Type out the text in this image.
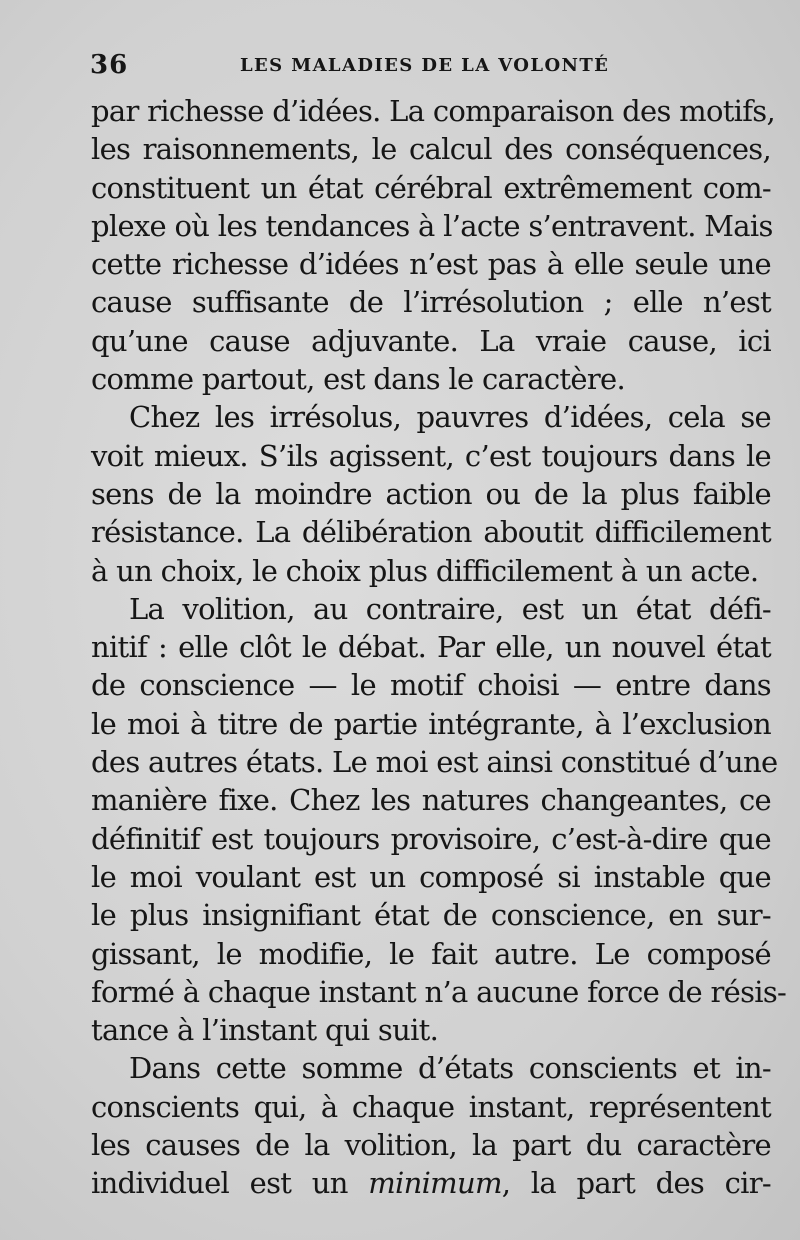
36	LES MALADIES DE LA VOLONTÉ
par richesse d’idées. La comparaison des motifs,
les raisonnements, le calcul des conséquences,
constituent un état cérébral extrêmement com-
plexe où les tendances à l’acte s’entravent. Mais
cette richesse d’idées n’est pas à elle seule une
cause suffisante de l’irrésolution ; elle n’est
qu’une cause adjuvante. La vraie cause, ici
comme partout, est dans le caractère.
Chez les irrésolus, pauvres d’idées, cela se
voit mieux. S’ils agissent, c’est toujours dans le
sens de la moindre action ou de la plus faible
résistance. La délibération aboutit difficilement
à un choix, le choix plus difficilement à un acte.
La volition, au contraire, est un état défi-
nitif : elle clôt le débat. Par elle, un nouvel état
de conscience — le motif choisi — entre dans
le moi à titre de partie intégrante, à l’exclusion
des autres états. Le moi est ainsi constitué d’une
manière fixe. Chez les natures changeantes, ce
définitif est toujours provisoire, c’est-à-dire que
le moi voulant est un composé si instable que
le plus insignifiant état de conscience, en sur-
gissant, le modifie, le fait autre. Le composé
formé à chaque instant n’a aucune force de résis-
tance à l’instant qui suit.
Dans cette somme d’états conscients et in-
conscients qui, à chaque instant, représentent
les causes de la volition, la part du caractère
individuel est un minimum, la part des cir-
